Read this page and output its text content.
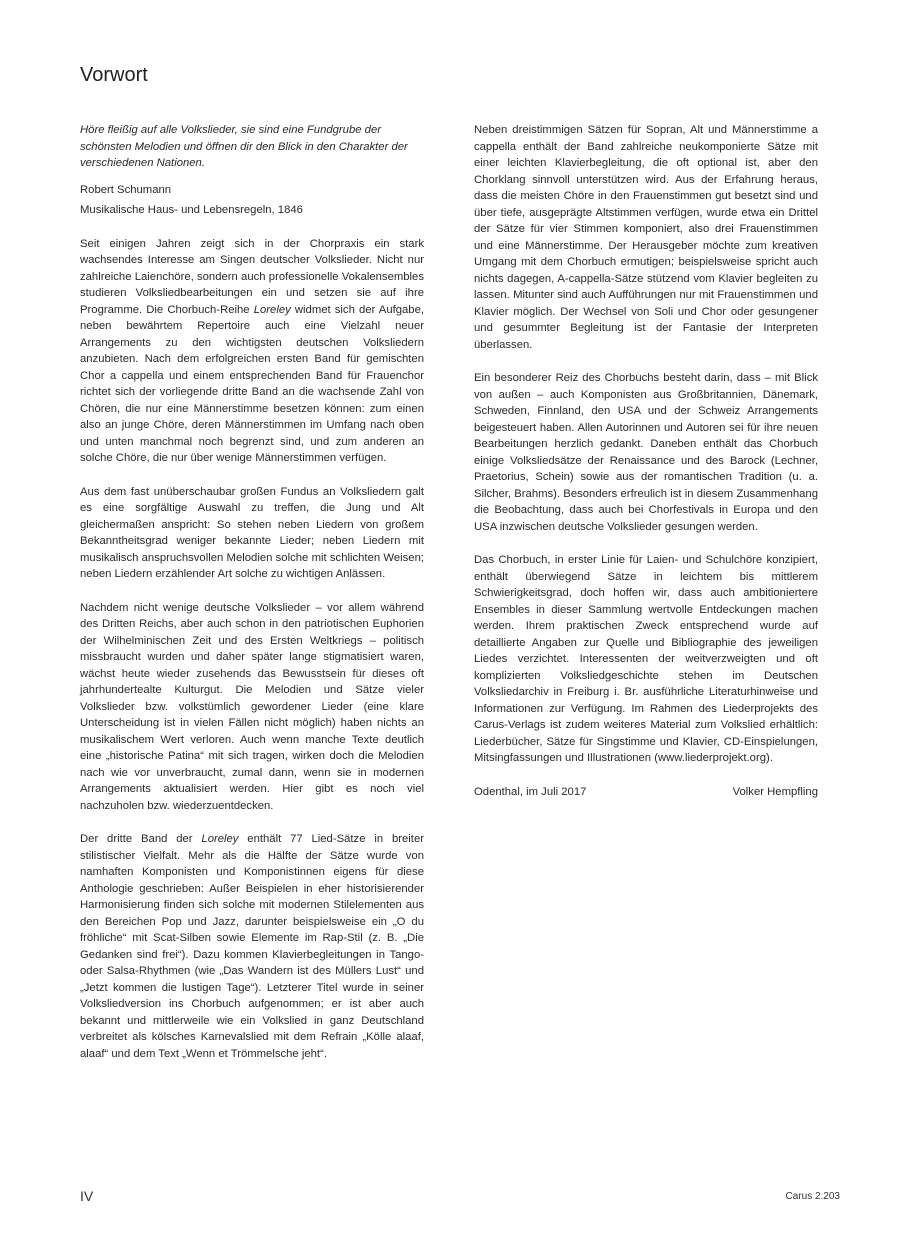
Vorwort
Höre fleißig auf alle Volkslieder, sie sind eine Fundgrube der schönsten Melodien und öffnen dir den Blick in den Charakter der verschiedenen Nationen.
Robert Schumann
Musikalische Haus- und Lebensregeln, 1846

Seit einigen Jahren zeigt sich in der Chorpraxis ein stark wachsendes Interesse am Singen deutscher Volkslieder. Nicht nur zahlreiche Laienchöre, sondern auch professionelle Vokalensembles studieren Volksliedbearbeitungen ein und setzen sie auf ihre Programme. Die Chorbuch-Reihe Loreley widmet sich der Aufgabe, neben bewährtem Repertoire auch eine Vielzahl neuer Arrangements zu den wichtigsten deutschen Volksliedern anzubieten. Nach dem erfolgreichen ersten Band für gemischten Chor a cappella und einem entsprechenden Band für Frauenchor richtet sich der vorliegende dritte Band an die wachsende Zahl von Chören, die nur eine Männerstimme besetzen können: zum einen also an junge Chöre, deren Männerstimmen im Umfang nach oben und unten manchmal noch begrenzt sind, und zum anderen an solche Chöre, die nur über wenige Männerstimmen verfügen.

Aus dem fast unüberschaubar großen Fundus an Volksliedern galt es eine sorgfältige Auswahl zu treffen, die Jung und Alt gleichermaßen anspricht: So stehen neben Liedern von großem Bekanntheitsgrad weniger bekannte Lieder; neben Liedern mit musikalisch anspruchsvollen Melodien solche mit schlichten Weisen; neben Liedern erzählender Art solche zu wichtigen Anlässen.

Nachdem nicht wenige deutsche Volkslieder – vor allem während des Dritten Reichs, aber auch schon in den patriotischen Euphorien der Wilhelminischen Zeit und des Ersten Weltkriegs – politisch missbraucht wurden und daher später lange stigmatisiert waren, wächst heute wieder zusehends das Bewusstsein für dieses oft jahrhundertealte Kulturgut. Die Melodien und Sätze vieler Volkslieder bzw. volkstümlich gewordener Lieder (eine klare Unterscheidung ist in vielen Fällen nicht möglich) haben nichts an musikalischem Wert verloren. Auch wenn manche Texte deutlich eine „historische Patina“ mit sich tragen, wirken doch die Melodien nach wie vor unverbraucht, zumal dann, wenn sie in modernen Arrangements aktualisiert werden. Hier gibt es noch viel nachzuholen bzw. wiederzuentdecken.

Der dritte Band der Loreley enthält 77 Lied-Sätze in breiter stilistischer Vielfalt. Mehr als die Hälfte der Sätze wurde von namhaften Komponisten und Komponistinnen eigens für diese Anthologie geschrieben: Außer Beispielen in eher historisierender Harmonisierung finden sich solche mit modernen Stilelementen aus den Bereichen Pop und Jazz, darunter beispielsweise ein „O du fröhliche“ mit Scat-Silben sowie Elemente im Rap-Stil (z. B. „Die Gedanken sind frei“). Dazu kommen Klavierbegleitungen in Tango- oder Salsa-Rhythmen (wie „Das Wandern ist des Müllers Lust“ und „Jetzt kommen die lustigen Tage“). Letzterer Titel wurde in seiner Volksliedversion ins Chorbuch aufgenommen; er ist aber auch bekannt und mittlerweile wie ein Volkslied in ganz Deutschland verbreitet als kölsches Karnevalslied mit dem Refrain „Kölle alaaf, alaaf“ und dem Text „Wenn et Trömmelsche jeht“.

Neben dreistimmigen Sätzen für Sopran, Alt und Männerstimme a cappella enthält der Band zahlreiche neukomponierte Sätze mit einer leichten Klavierbegleitung, die oft optional ist, aber den Chorklang sinnvoll unterstützen wird. Aus der Erfahrung heraus, dass die meisten Chöre in den Frauenstimmen gut besetzt sind und über tiefe, ausgeprägte Altstimmen verfügen, wurde etwa ein Drittel der Sätze für vier Stimmen komponiert, also drei Frauenstimmen und eine Männerstimme. Der Herausgeber möchte zum kreativen Umgang mit dem Chorbuch ermutigen; beispielsweise spricht auch nichts dagegen, A-cappella-Sätze stützend vom Klavier begleiten zu lassen. Mitunter sind auch Aufführungen nur mit Frauenstimmen und Klavier möglich. Der Wechsel von Soli und Chor oder gesungener und gesummter Begleitung ist der Fantasie der Interpreten überlassen.

Ein besonderer Reiz des Chorbuchs besteht darin, dass – mit Blick von außen – auch Komponisten aus Großbritannien, Dänemark, Schweden, Finnland, den USA und der Schweiz Arrangements beigesteuert haben. Allen Autorinnen und Autoren sei für ihre neuen Bearbeitungen herzlich gedankt. Daneben enthält das Chorbuch einige Volksliedsätze der Renaissance und des Barock (Lechner, Praetorius, Schein) sowie aus der romantischen Tradition (u. a. Silcher, Brahms). Besonders erfreulich ist in diesem Zusammenhang die Beobachtung, dass auch bei Chorfestivals in Europa und den USA inzwischen deutsche Volkslieder gesungen werden.

Das Chorbuch, in erster Linie für Laien- und Schulchöre konzipiert, enthält überwiegend Sätze in leichtem bis mittlerem Schwierigkeitsgrad, doch hoffen wir, dass auch ambitioniertere Ensembles in dieser Sammlung wertvolle Entdeckungen machen werden. Ihrem praktischen Zweck entsprechend wurde auf detaillierte Angaben zur Quelle und Bibliographie des jeweiligen Liedes verzichtet. Interessenten der weitverzweigten und oft komplizierten Volksliedgeschichte stehen im Deutschen Volksliedarchiv in Freiburg i. Br. ausführliche Literaturhinweise und Informationen zur Verfügung. Im Rahmen des Liederprojekts des Carus-Verlags ist zudem weiteres Material zum Volkslied erhältlich: Liederbücher, Sätze für Singstimme und Klavier, CD-Einspielungen, Mitsingfassungen und Illustrationen (www.liederprojekt.org).

Odenthal, im Juli 2017	Volker Hempfling
IV	Carus 2.203
